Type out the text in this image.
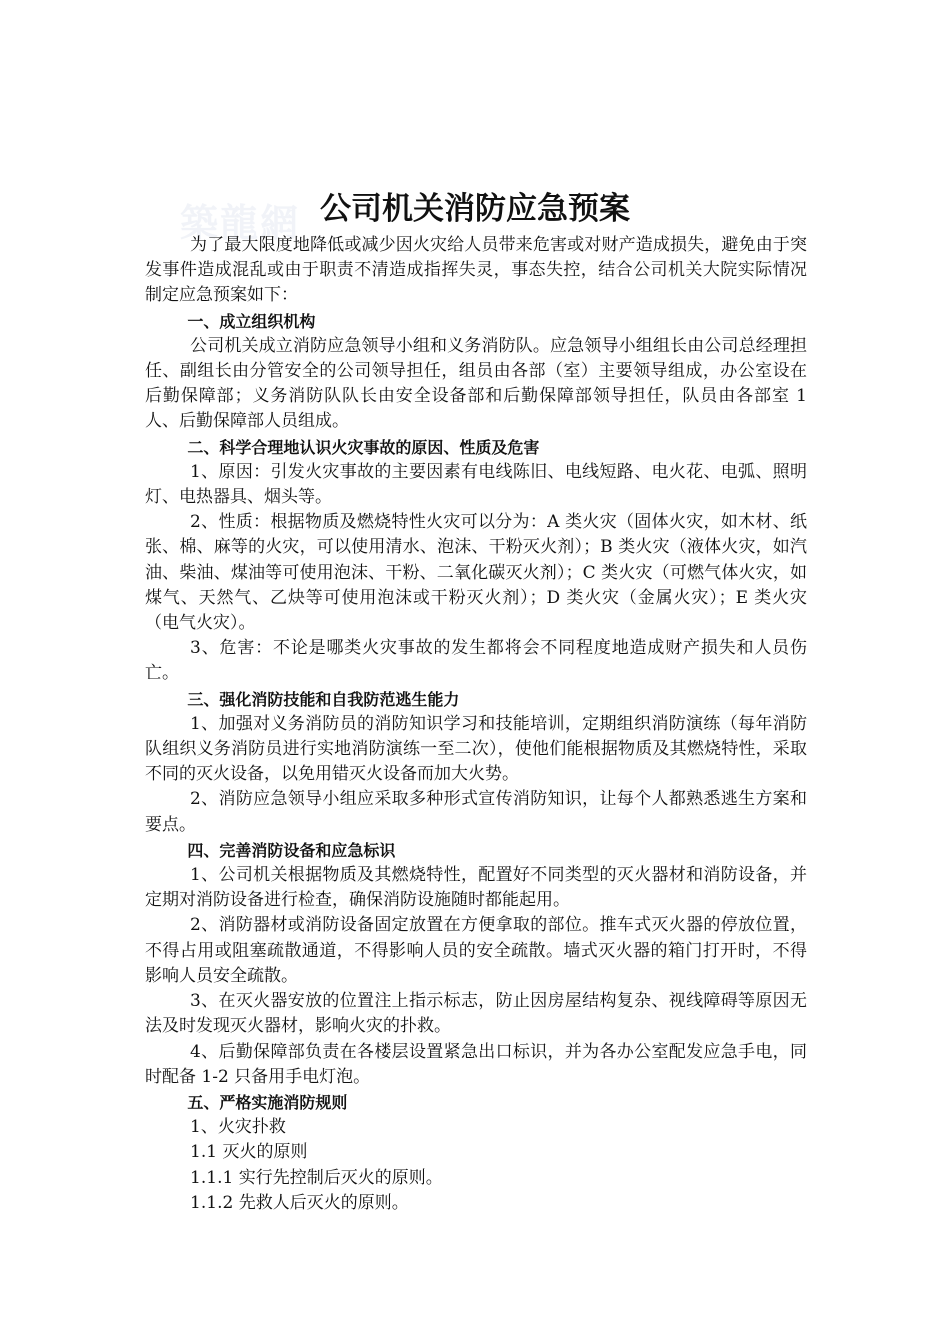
築龍網 公司机关消防应急预案

为了最大限度地降低或减少因火灾给人员带来危害或对财产造成损失，避免由于突发事件造成混乱或由于职责不清造成指挥失灵，事态失控，结合公司机关大院实际情况制定应急预案如下：

一、成立组织机构

公司机关成立消防应急领导小组和义务消防队。应急领导小组组长由公司总经理担任、副组长由分管安全的公司领导担任，组员由各部（室）主要领导组成，办公室设在后勤保障部；义务消防队队长由安全设备部和后勤保障部领导担任，队员由各部室 1 人、后勤保障部人员组成。

二、科学合理地认识火灾事故的原因、性质及危害

1、原因：引发火灾事故的主要因素有电线陈旧、电线短路、电火花、电弧、照明灯、电热器具、烟头等。

2、性质：根据物质及燃烧特性火灾可以分为：A 类火灾（固体火灾，如木材、纸张、棉、麻等的火灾，可以使用清水、泡沫、干粉灭火剂）；B 类火灾（液体火灾，如汽油、柴油、煤油等可使用泡沫、干粉、二氧化碳灭火剂）；C 类火灾（可燃气体火灾，如煤气、天然气、乙炔等可使用泡沫或干粉灭火剂）；D 类火灾（金属火灾）；E 类火灾（电气火灾）。

3、危害：不论是哪类火灾事故的发生都将会不同程度地造成财产损失和人员伤亡。

三、强化消防技能和自我防范逃生能力

1、加强对义务消防员的消防知识学习和技能培训，定期组织消防演练（每年消防队组织义务消防员进行实地消防演练一至二次），使他们能根据物质及其燃烧特性，采取不同的灭火设备，以免用错灭火设备而加大火势。

2、消防应急领导小组应采取多种形式宣传消防知识，让每个人都熟悉逃生方案和要点。

四、完善消防设备和应急标识

1、公司机关根据物质及其燃烧特性，配置好不同类型的灭火器材和消防设备，并定期对消防设备进行检查，确保消防设施随时都能起用。

2、消防器材或消防设备固定放置在方便拿取的部位。推车式灭火器的停放位置，不得占用或阻塞疏散通道，不得影响人员的安全疏散。墙式灭火器的箱门打开时，不得影响人员安全疏散。

3、在灭火器安放的位置注上指示标志，防止因房屋结构复杂、视线障碍等原因无法及时发现灭火器材，影响火灾的扑救。

4、后勤保障部负责在各楼层设置紧急出口标识，并为各办公室配发应急手电，同时配备 1-2 只备用手电灯泡。

五、严格实施消防规则
1、火灾扑救
1.1 灭火的原则
1.1.1 实行先控制后灭火的原则。
1.1.2 先救人后灭火的原则。
